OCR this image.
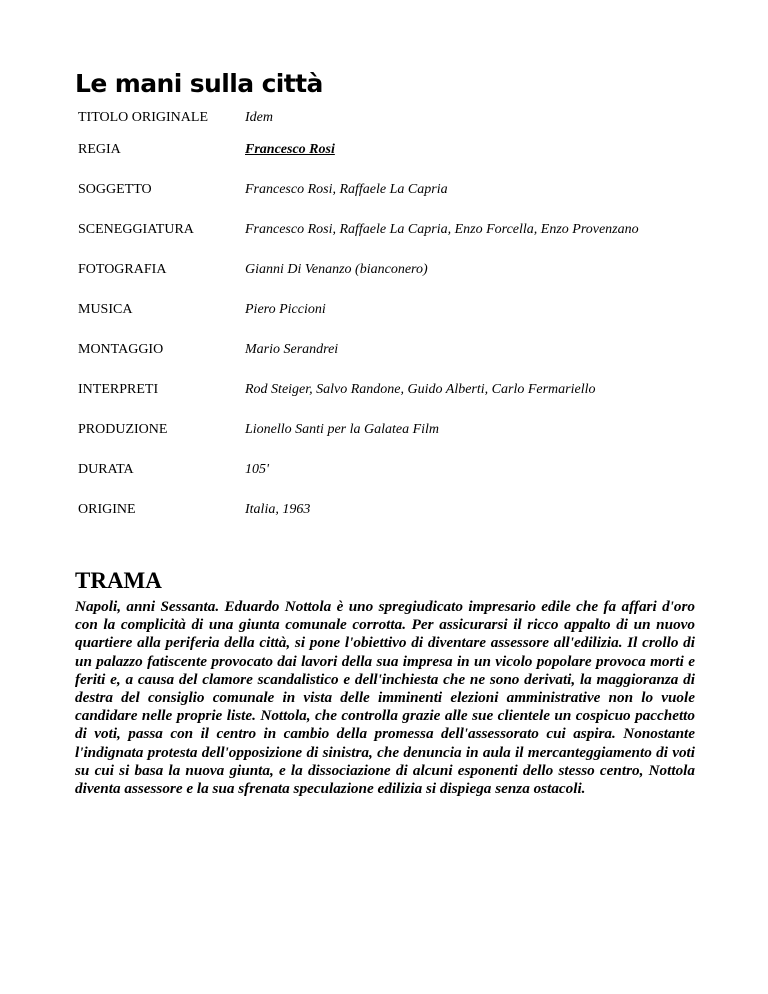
Le mani sulla città
TITOLO ORIGINALE	Idem
REGIA	Francesco Rosi
SOGGETTO	Francesco Rosi, Raffaele La Capria
SCENEGGIATURA	Francesco Rosi, Raffaele La Capria, Enzo Forcella, Enzo Provenzano
FOTOGRAFIA	Gianni Di Venanzo (bianconero)
MUSICA	Piero Piccioni
MONTAGGIO	Mario Serandrei
INTERPRETI	Rod Steiger, Salvo Randone, Guido Alberti, Carlo Fermariello
PRODUZIONE	Lionello Santi per la Galatea Film
DURATA	105'
ORIGINE	Italia, 1963
TRAMA

Napoli, anni Sessanta. Eduardo Nottola è uno spregiudicato impresario edile che fa affari d'oro con la complicità di una giunta comunale corrotta. Per assicurarsi il ricco appalto di un nuovo quartiere alla periferia della città, si pone l'obiettivo di diventare assessore all'edilizia. Il crollo di un palazzo fatiscente provocato dai lavori della sua impresa in un vicolo popolare provoca morti e feriti e, a causa del clamore scandalistico e dell'inchiesta che ne sono derivati, la maggioranza di destra del consiglio comunale in vista delle imminenti elezioni amministrative non lo vuole candidare nelle proprie liste. Nottola, che controlla grazie alle sue clientele un cospicuo pacchetto di voti, passa con il centro in cambio della promessa dell'assessorato cui aspira. Nonostante l'indignata protesta dell'opposizione di sinistra, che denuncia in aula il mercanteggiamento di voti su cui si basa la nuova giunta, e la dissociazione di alcuni esponenti dello stesso centro, Nottola diventa assessore e la sua sfrenata speculazione edilizia si dispiega senza ostacoli.
